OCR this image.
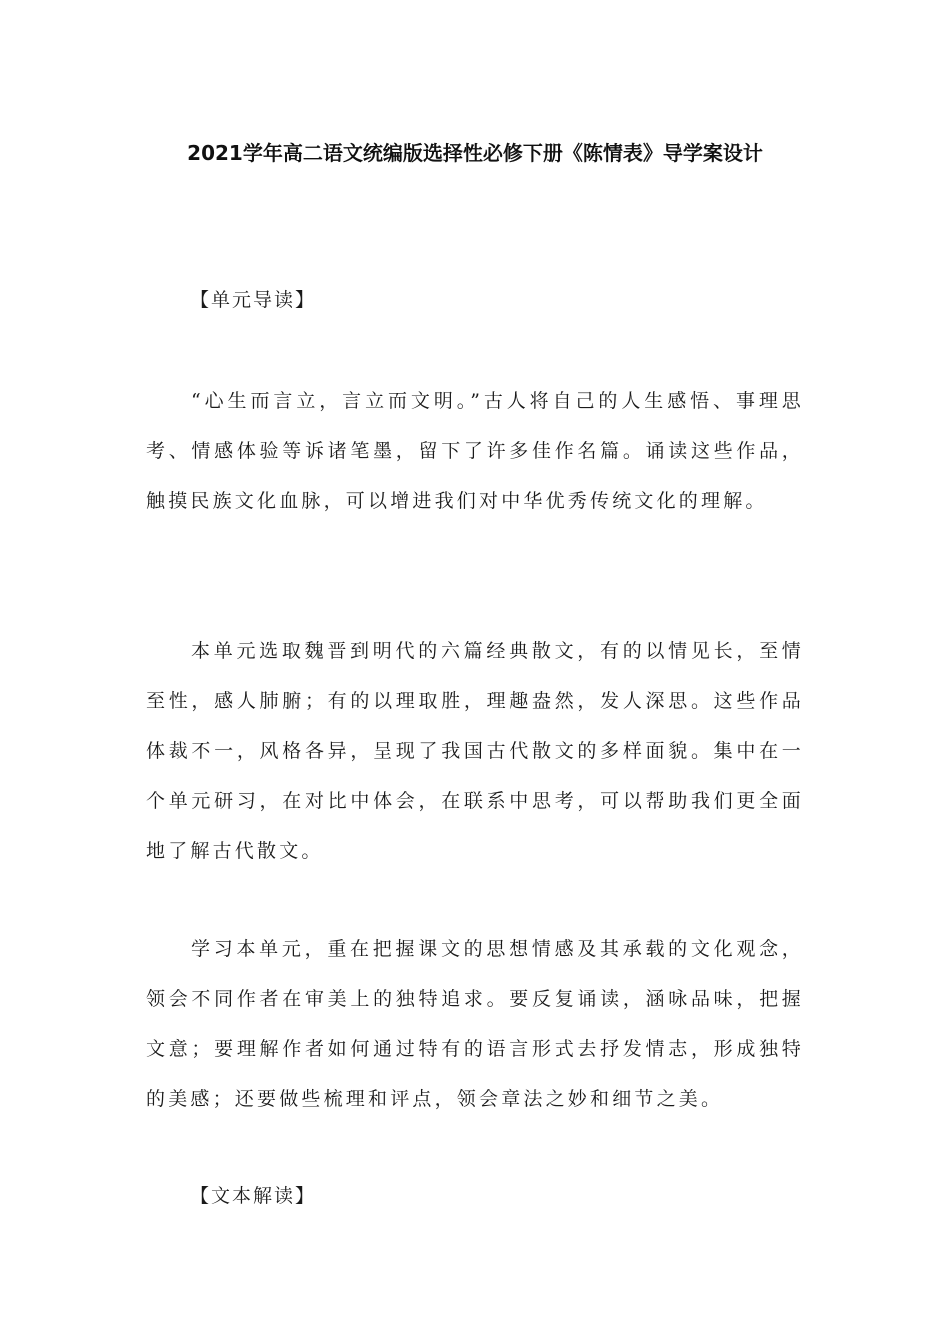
2021学年高二语文统编版选择性必修下册《陈情表》导学案设计

【单元导读】

“心生而言立，言立而文明。”古人将自己的人生感悟、事理思考、情感体验等诉诸笔墨，留下了许多佳作名篇。诵读这些作品，触摸民族文化血脉，可以增进我们对中华优秀传统文化的理解。

本单元选取魏晋到明代的六篇经典散文，有的以情见长，至情至性，感人肺腑；有的以理取胜，理趣盎然，发人深思。这些作品体裁不一，风格各异，呈现了我国古代散文的多样面貌。集中在一个单元研习，在对比中体会，在联系中思考，可以帮助我们更全面地了解古代散文。

学习本单元，重在把握课文的思想情感及其承载的文化观念，领会不同作者在审美上的独特追求。要反复诵读，涵咏品味，把握文意；要理解作者如何通过特有的语言形式去抒发情志，形成独特的美感；还要做些梳理和评点，领会章法之妙和细节之美。

【文本解读】
